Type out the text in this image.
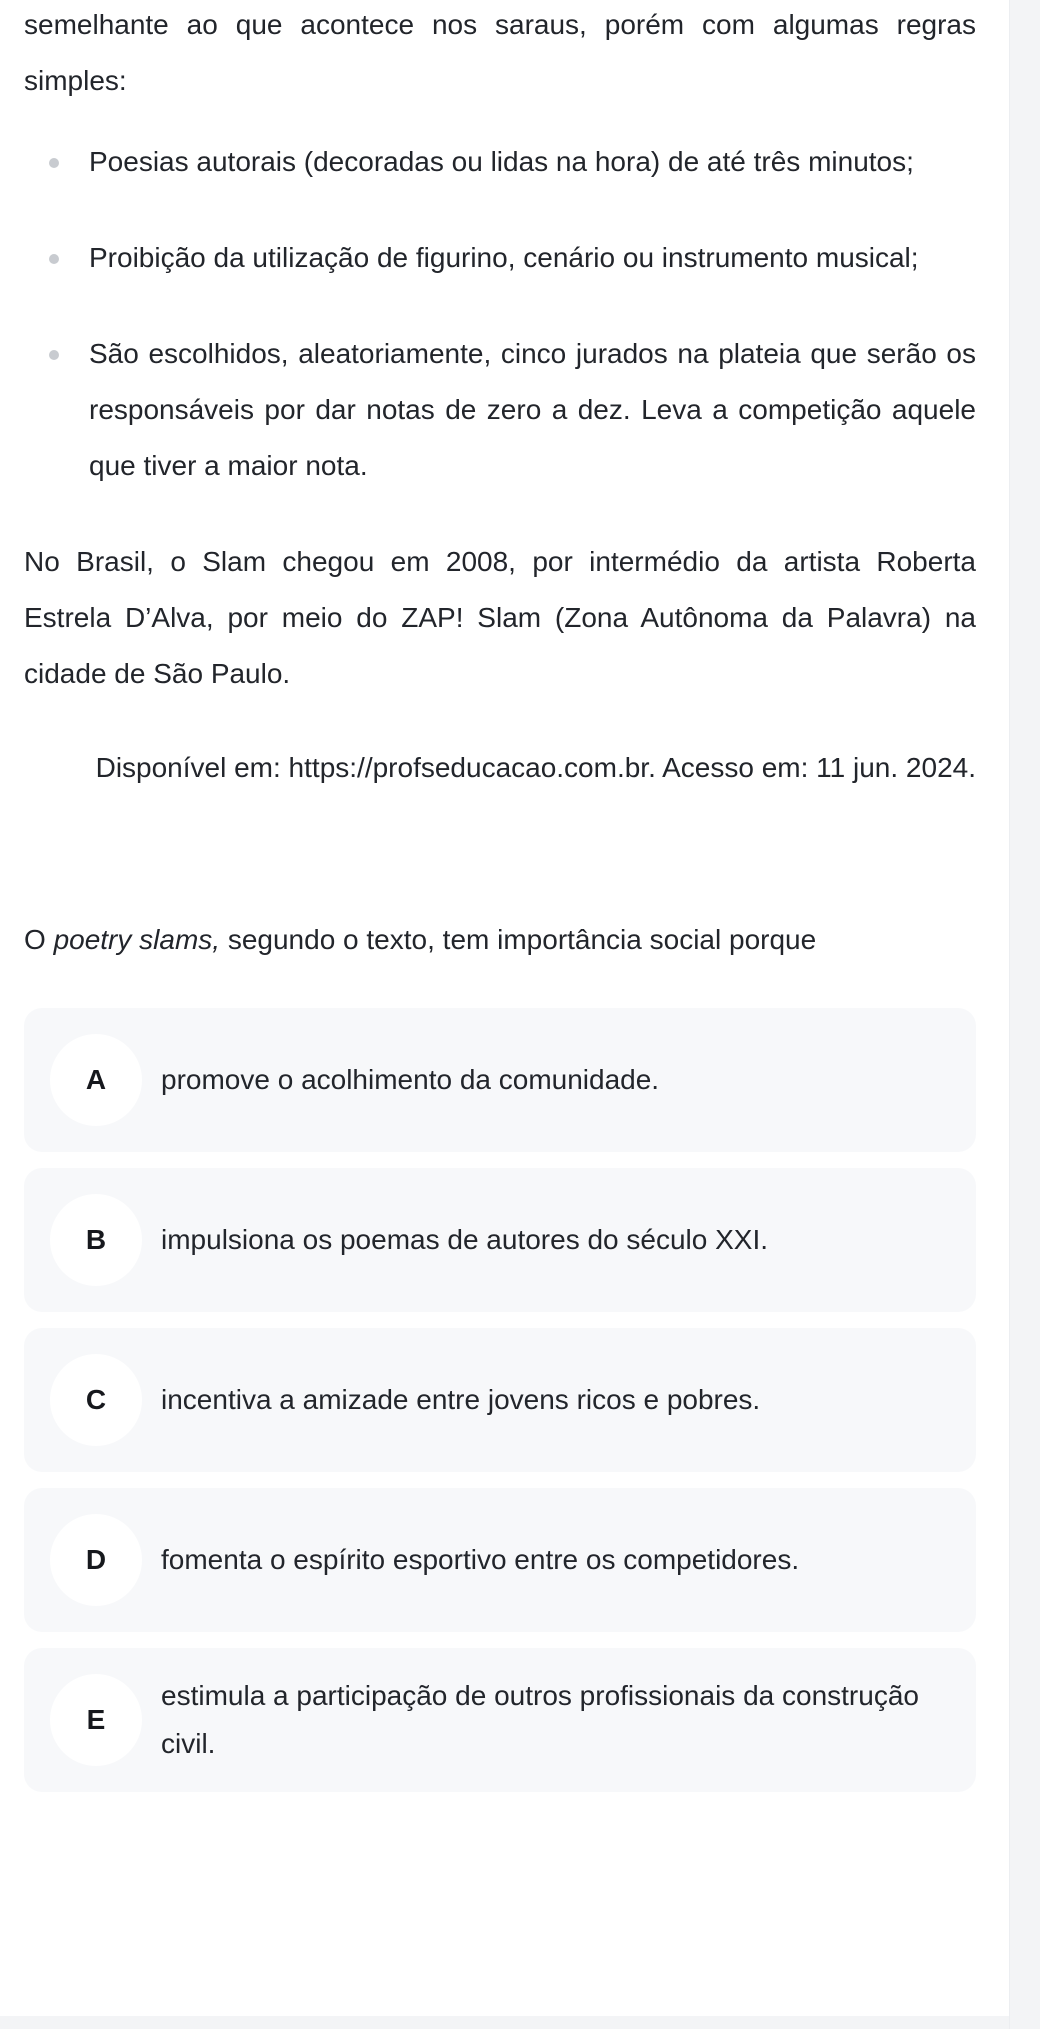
semelhante ao que acontece nos saraus, porém com algumas regras simples:

Poesias autorais (decoradas ou lidas na hora) de até três minutos;
Proibição da utilização de figurino, cenário ou instrumento musical;
São escolhidos, aleatoriamente, cinco jurados na plateia que serão os responsáveis por dar notas de zero a dez. Leva a competição aquele que tiver a maior nota.

No Brasil, o Slam chegou em 2008, por intermédio da artista Roberta Estrela D’Alva, por meio do ZAP! Slam (Zona Autônoma da Palavra) na cidade de São Paulo.

Disponível em: https://profseducacao.com.br. Acesso em: 11 jun. 2024.

O poetry slams, segundo o texto, tem importância social porque

A	promove o acolhimento da comunidade.
B	impulsiona os poemas de autores do século XXI.
C	incentiva a amizade entre jovens ricos e pobres.
D	fomenta o espírito esportivo entre os competidores.
E
estimula a participação de outros profissionais da construção civil.
